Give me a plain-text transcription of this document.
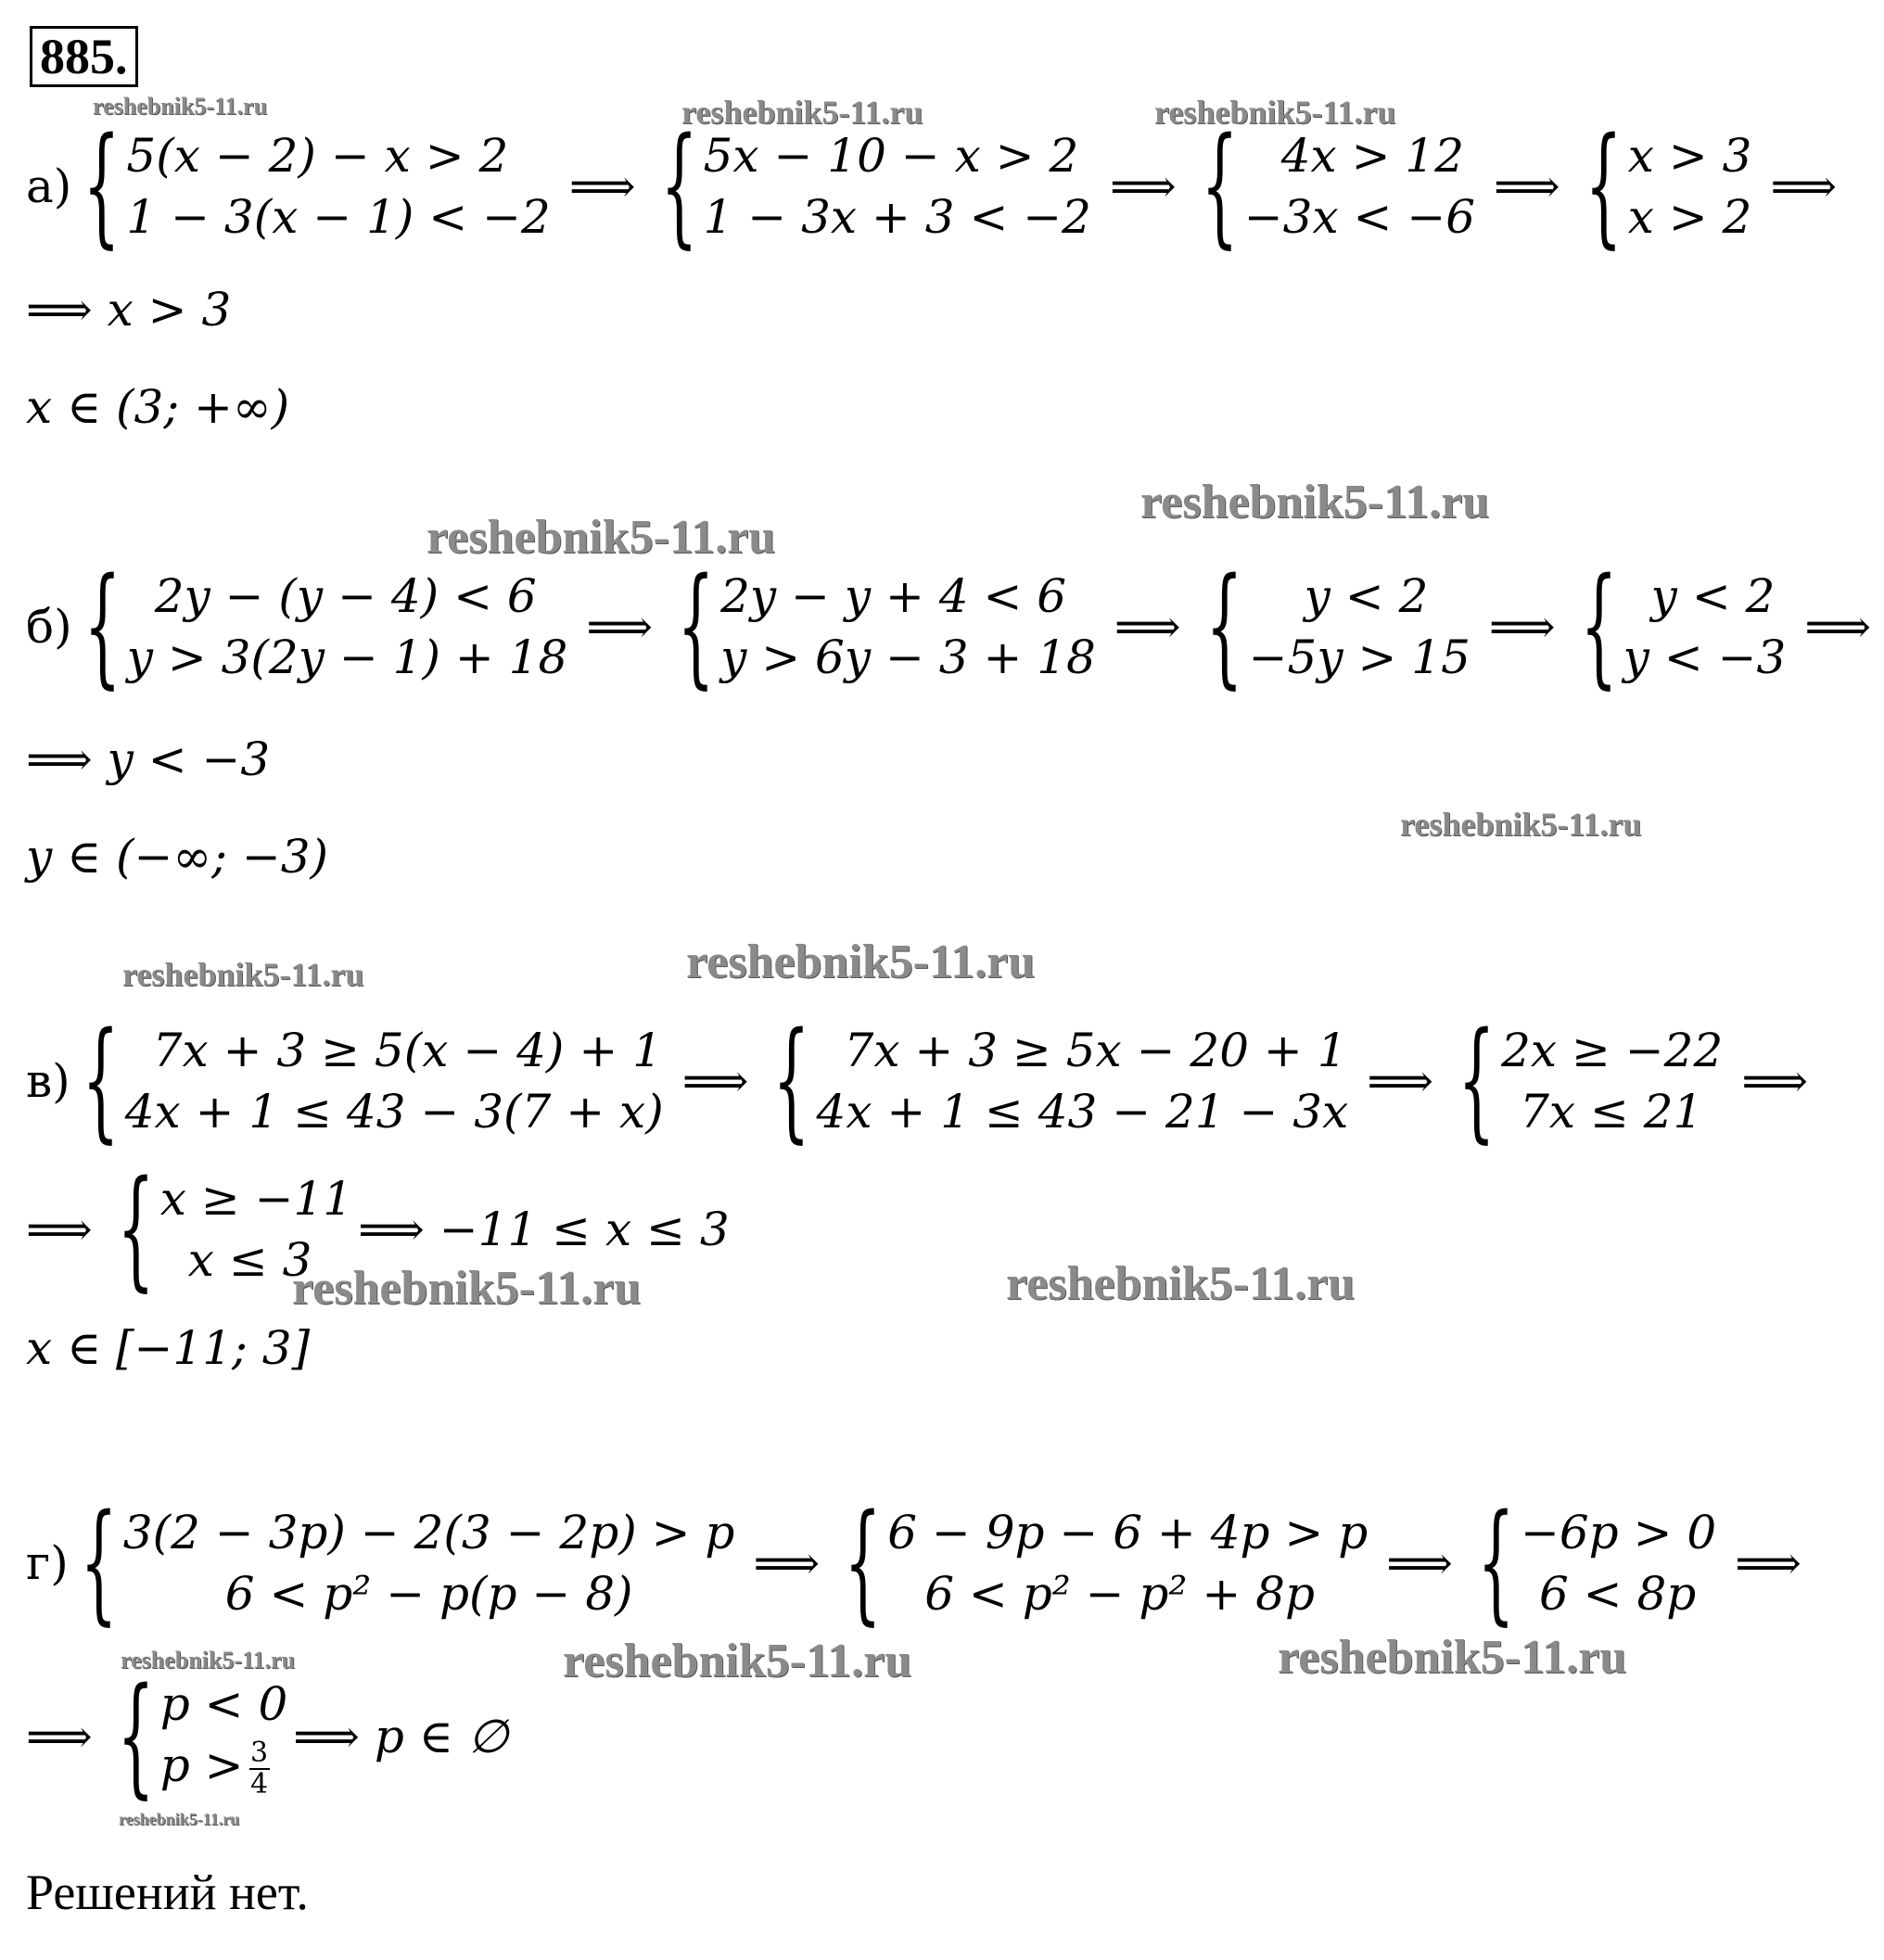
885.
reshebnik5-11.ru	reshebnik5-11.ru	reshebnik5-11.ru
reshebnik5-11.ru
reshebnik5-11.ru
reshebnik5-11.ru
reshebnik5-11.ru	reshebnik5-11.ru
reshebnik5-11.ru	reshebnik5-11.ru
reshebnik5-11.ru	reshebnik5-11.ru	reshebnik5-11.ru
reshebnik5-11.ru
а) { 5(x − 2) − x > 2
1 − 3(x − 1) < −2
⟹ { 5x − 10 − x > 2
1 − 3x + 3 < −2
⟹ { 4x > 12
−3x < −6
⟹ { x > 3
x > 2
⟹
⟹ x > 3
x ∈ (3; +∞)
б) { 2y − (y − 4) < 6
y > 3(2y − 1) + 18
⟹ { 2y − y + 4 < 6
y > 6y − 3 + 18
⟹ {	y < 2
−5y > 15
⟹ { y < 2
y < −3
⟹
⟹ y < −3
y ∈ (−∞; −3)
в) { 7x + 3 ≥ 5(x − 4) + 1
4x + 1 ≤ 43 − 3(7 + x)
⟹ { 7x + 3 ≥ 5x − 20 + 1
4x + 1 ≤ 43 − 21 − 3x
⟹ { 2x ≥ −22
7x ≤ 21
⟹
⟹ { x ≥ −11
x ≤ 3
⟹ −11 ≤ x ≤ 3
x ∈ [−11; 3]
г) { 3(2 − 3p) − 2(3 − 2p) > p
6 < p² − p(p − 8)
⟹ { 6 − 9p − 6 + 4p > p
6 < p² − p² + 8p
⟹ { −6p > 0
6 < 8p
⟹
⟹ { p < 0
$p > \frac{3}{4}$
⟹ p ∈ ∅
Решений нет.
